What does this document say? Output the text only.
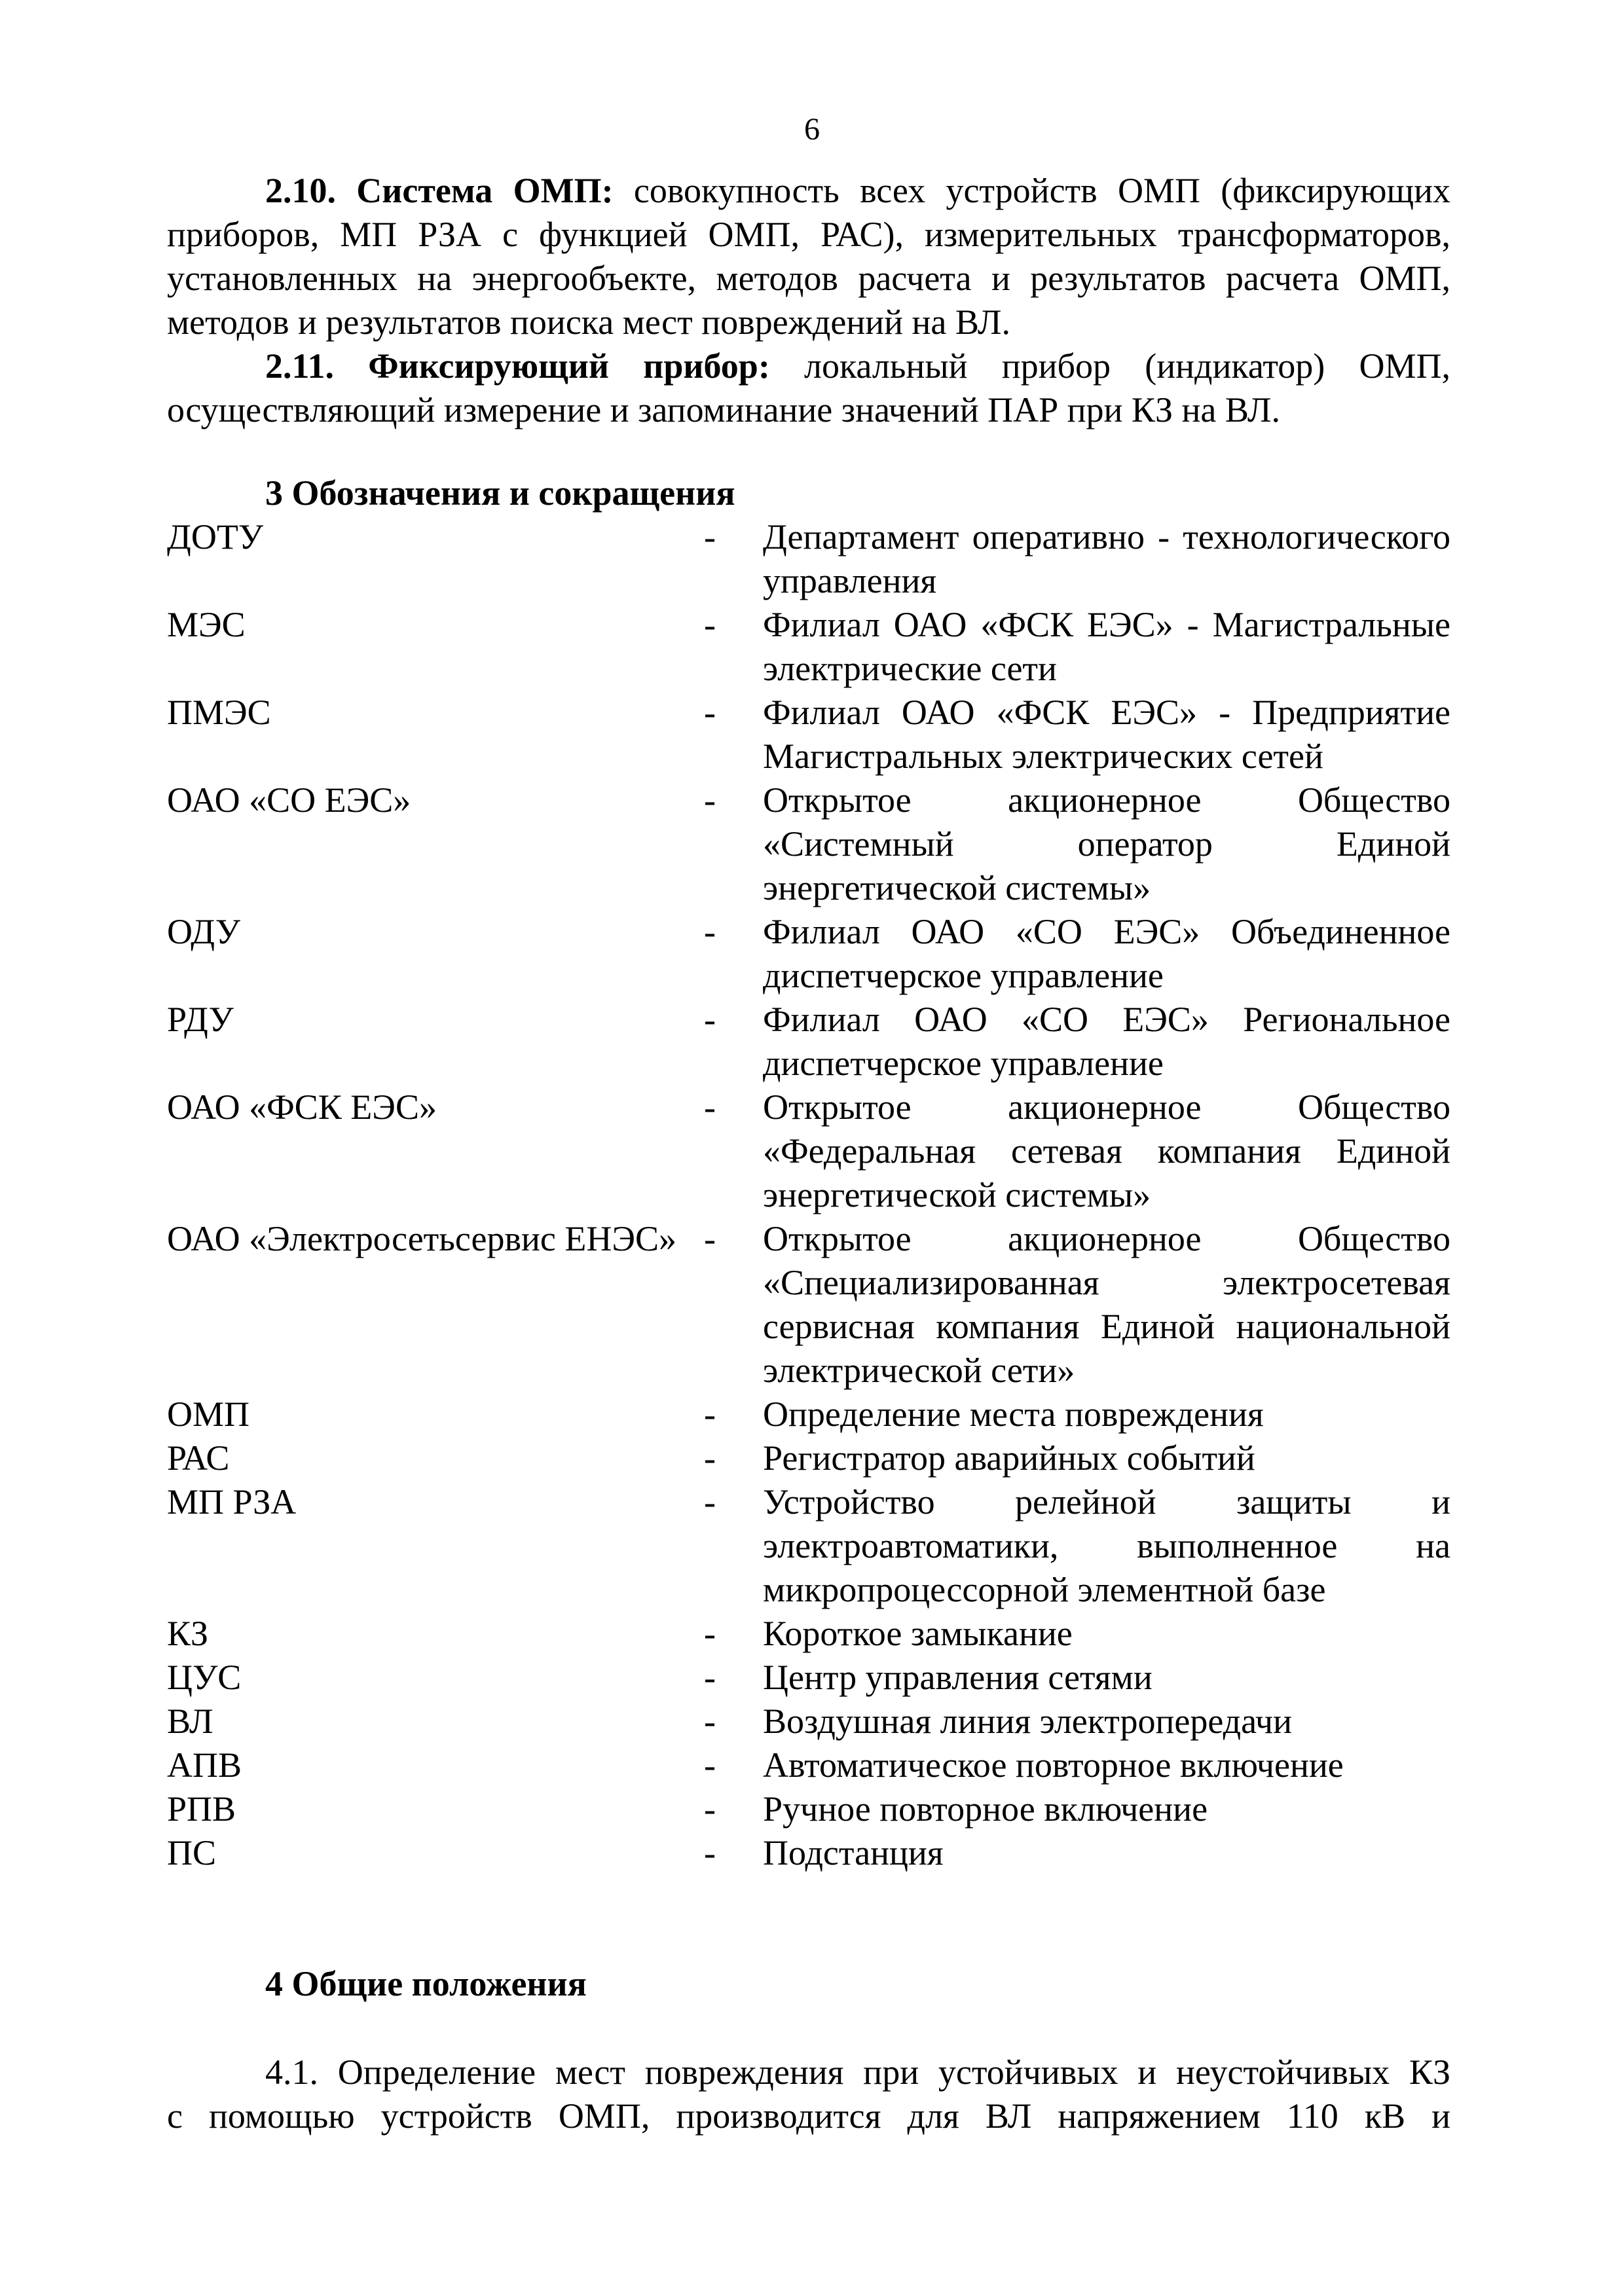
6

2.10. Система ОМП: совокупность всех устройств ОМП (фиксирующих приборов, МП РЗА с функцией ОМП, РАС), измерительных трансформаторов, установленных на энергообъекте, методов расчета и результатов расчета ОМП, методов и результатов поиска мест повреждений на ВЛ.

2.11. Фиксирующий прибор: локальный прибор (индикатор) ОМП, осуществляющий измерение и запоминание значений ПАР при КЗ на ВЛ.

3 Обозначения и сокращения
ДОТУ	-	Департамент оперативно - технологического управления
МЭС	-	Филиал ОАО «ФСК ЕЭС» - Магистральные электрические сети
ПМЭС	-	Филиал ОАО «ФСК ЕЭС» - Предприятие Магистральных электрических сетей
ОАО «СО ЕЭС»	-	Открытое акционерное Общество «Системный оператор Единой энергетической системы»
ОДУ	-	Филиал ОАО «СО ЕЭС» Объединенное диспетчерское управление
РДУ	-	Филиал ОАО «СО ЕЭС» Региональное диспетчерское управление
ОАО «ФСК ЕЭС»	-	Открытое акционерное Общество «Федеральная сетевая компания Единой энергетической системы»
ОАО «Электросетьсервис ЕНЭС» -	Открытое акционерное Общество «Специализированная электросетевая сервисная компания Единой национальной электрической сети»
ОМП	-	Определение места повреждения
РАС	-	Регистратор аварийных событий
МП РЗА	-	Устройство релейной защиты и электроавтоматики, выполненное на микропроцессорной элементной базе
КЗ	-	Короткое замыкание
ЦУС	-	Центр управления сетями
ВЛ	-	Воздушная линия электропередачи
АПВ	-	Автоматическое повторное включение
РПВ	-	Ручное повторное включение
ПС	-	Подстанция
4 Общие положения

4.1. Определение мест повреждения при устойчивых и неустойчивых КЗ

с помощью устройств ОМП, производится для ВЛ напряжением 110 кВ и
